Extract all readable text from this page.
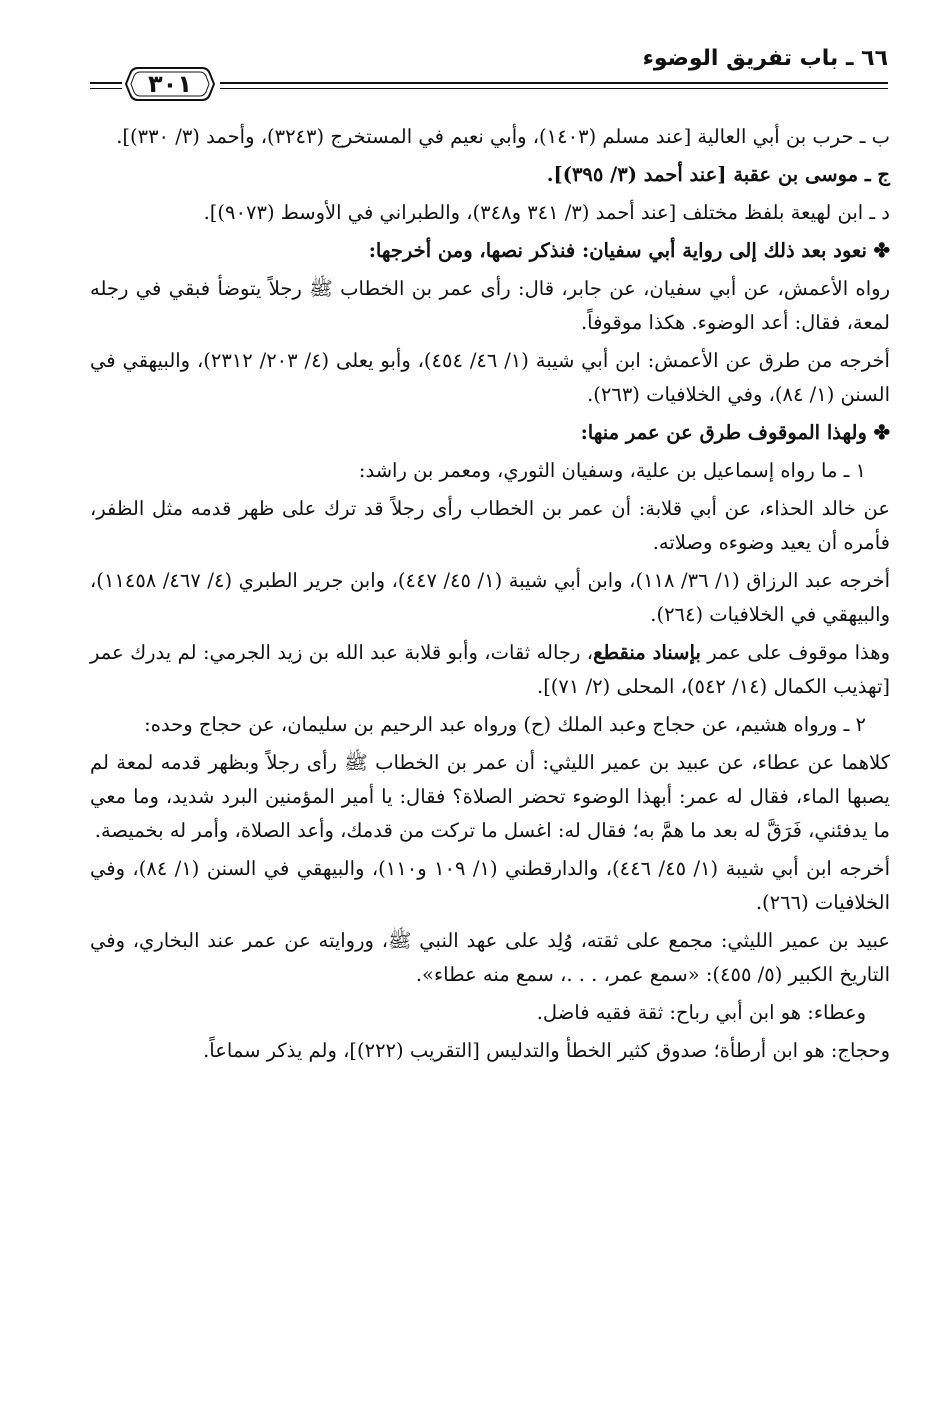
٦٦ ـ باب تفريق الوضوء
٣٠١

ب ـ حرب بن أبي العالية [عند مسلم (١٤٠٣)، وأبي نعيم في المستخرج (٣٢٤٣)، وأحمد (٣/ ٣٣٠)].

ج ـ موسى بن عقبة [عند أحمد (٣/ ٣٩٥)].

د ـ ابن لهيعة بلفظ مختلف [عند أحمد (٣/ ٣٤١ و٣٤٨)، والطبراني في الأوسط (٩٠٧٣)].

✤ نعود بعد ذلك إلى رواية أبي سفيان: فنذكر نصها، ومن أخرجها:

رواه الأعمش، عن أبي سفيان، عن جابر، قال: رأى عمر بن الخطاب ﷺ رجلاً يتوضأ فبقي في رجله لمعة، فقال: أعد الوضوء. هكذا موقوفاً.

أخرجه من طرق عن الأعمش: ابن أبي شيبة (١/ ٤٦/ ٤٥٤)، وأبو يعلى (٤/ ٢٠٣/ ٢٣١٢)، والبيهقي في السنن (١/ ٨٤)، وفي الخلافيات (٢٦٣).

✤ ولهذا الموقوف طرق عن عمر منها:

١ ـ ما رواه إسماعيل بن علية، وسفيان الثوري، ومعمر بن راشد:

عن خالد الحذاء، عن أبي قلابة: أن عمر بن الخطاب رأى رجلاً قد ترك على ظهر قدمه مثل الظفر، فأمره أن يعيد وضوءه وصلاته.

أخرجه عبد الرزاق (١/ ٣٦/ ١١٨)، وابن أبي شيبة (١/ ٤٥/ ٤٤٧)، وابن جرير الطبري (٤/ ٤٦٧/ ١١٤٥٨)، والبيهقي في الخلافيات (٢٦٤).

وهذا موقوف على عمر بإسناد منقطع، رجاله ثقات، وأبو قلابة عبد الله بن زيد الجرمي: لم يدرك عمر [تهذيب الكمال (١٤/ ٥٤٢)، المحلى (٢/ ٧١)].

٢ ـ ورواه هشيم، عن حجاج وعبد الملك (ح) ورواه عبد الرحيم بن سليمان، عن حجاج وحده:

كلاهما عن عطاء، عن عبيد بن عمير الليثي: أن عمر بن الخطاب ﷺ رأى رجلاً وبظهر قدمه لمعة لم يصبها الماء، فقال له عمر: أبهذا الوضوء تحضر الصلاة؟ فقال: يا أمير المؤمنين البرد شديد، وما معي ما يدفئني، فَرَقَّ له بعد ما همَّ به؛ فقال له: اغسل ما تركت من قدمك، وأعد الصلاة، وأمر له بخميصة.

أخرجه ابن أبي شيبة (١/ ٤٥/ ٤٤٦)، والدارقطني (١/ ١٠٩ و١١٠)، والبيهقي في السنن (١/ ٨٤)، وفي الخلافيات (٢٦٦).

عبيد بن عمير الليثي: مجمع على ثقته، وُلِد على عهد النبي ﷺ، وروايته عن عمر عند البخاري، وفي التاريخ الكبير (٥/ ٤٥٥): «سمع عمر، . . .، سمع منه عطاء».

وعطاء: هو ابن أبي رباح: ثقة فقيه فاضل.

وحجاج: هو ابن أرطأة؛ صدوق كثير الخطأ والتدليس [التقريب (٢٢٢)]، ولم يذكر سماعاً.
